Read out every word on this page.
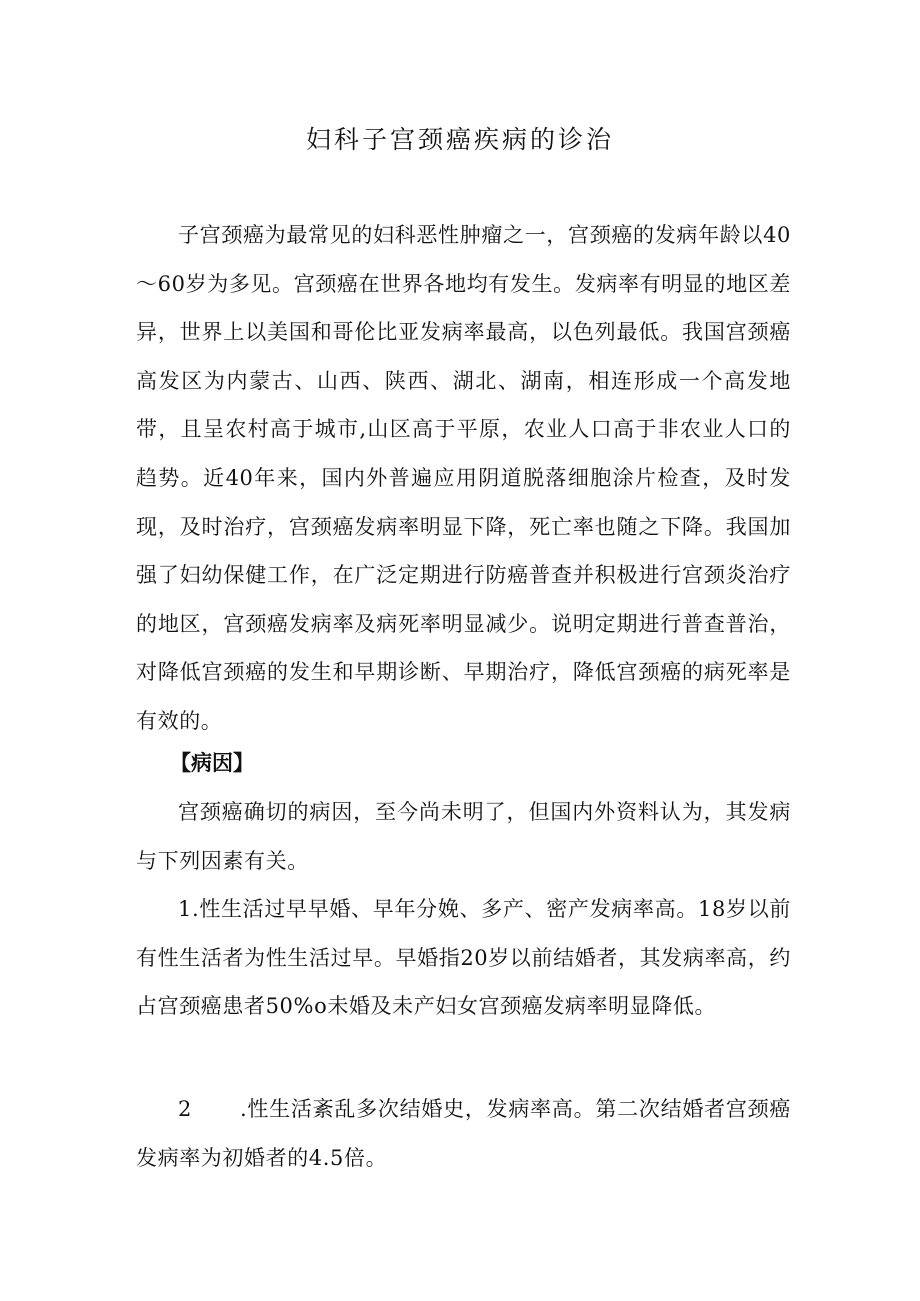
妇科子宫颈癌疾病的诊治

子宫颈癌为最常见的妇科恶性肿瘤之一，宫颈癌的发病年龄以40～60岁为多见。宫颈癌在世界各地均有发生。发病率有明显的地区差异，世界上以美国和哥伦比亚发病率最高，以色列最低。我国宫颈癌高发区为内蒙古、山西、陕西、湖北、湖南，相连形成一个高发地带，且呈农村高于城市,山区高于平原，农业人口高于非农业人口的趋势。近40年来，国内外普遍应用阴道脱落细胞涂片检查，及时发现，及时治疗，宫颈癌发病率明显下降，死亡率也随之下降。我国加强了妇幼保健工作，在广泛定期进行防癌普查并积极进行宫颈炎治疗的地区，宫颈癌发病率及病死率明显减少。说明定期进行普查普治，对降低宫颈癌的发生和早期诊断、早期治疗，降低宫颈癌的病死率是有效的。

【病因】

宫颈癌确切的病因，至今尚未明了，但国内外资料认为，其发病与下列因素有关。

1.性生活过早早婚、早年分娩、多产、密产发病率高。18岁以前有性生活者为性生活过早。早婚指20岁以前结婚者，其发病率高，约占宫颈癌患者50%o未婚及未产妇女宫颈癌发病率明显降低。

2 .性生活紊乱多次结婚史，发病率高。第二次结婚者宫颈癌发病率为初婚者的4.5倍。
